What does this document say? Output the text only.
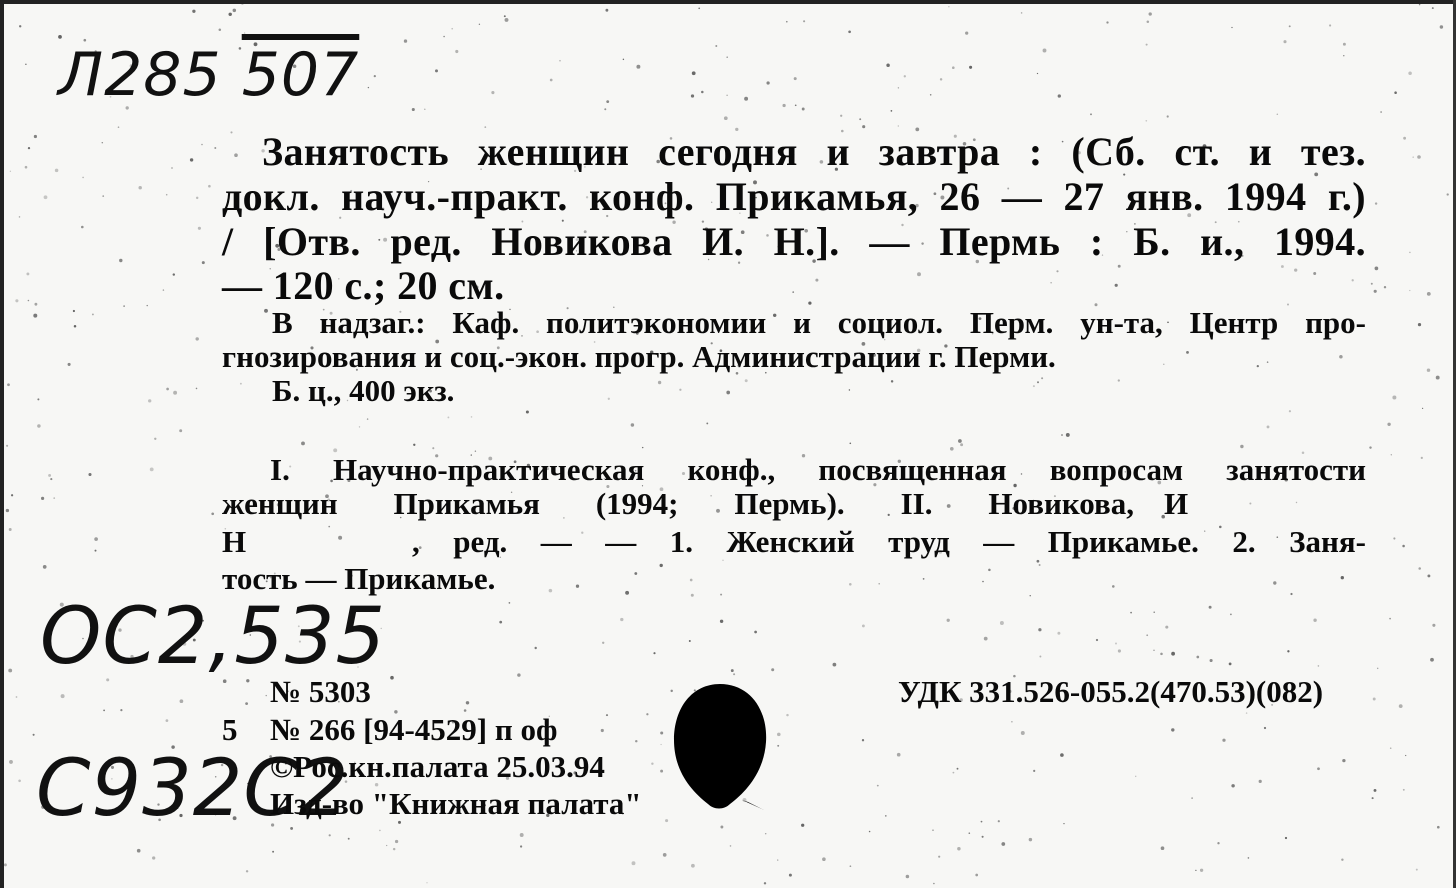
Л285 507
ОС2,535
С932С2
Занятость женщин сегодня и завтра : (Сб. ст. и тез.
докл. науч.-практ. конф. Прикамья, 26 — 27 янв. 1994 г.)
/ [Отв. ред. Новикова И. Н.]. — Пермь : Б. и., 1994.
— 120 с.; 20 см.
В надзаг.: Каф. политэкономии и социол. Перм. ун-та, Центр про-
гнозирования и соц.-экон. прогр. Администрации г. Перми.
Б. ц., 400 экз.
I. Научно-практическая конф., посвященная вопросам занятости
женщин Прикамья (1994; Пермь). II. Новикова, И
Н	, ред. — — 1. Женский труд — Прикамье. 2. Заня-
тость — Прикамье.
№ 5303	УДК 331.526-055.2(470.53)(082)
5 № 266 [94-4529] п оф
©Рос.кн.палата 25.03.94
Изд-во "Книжная палата"
